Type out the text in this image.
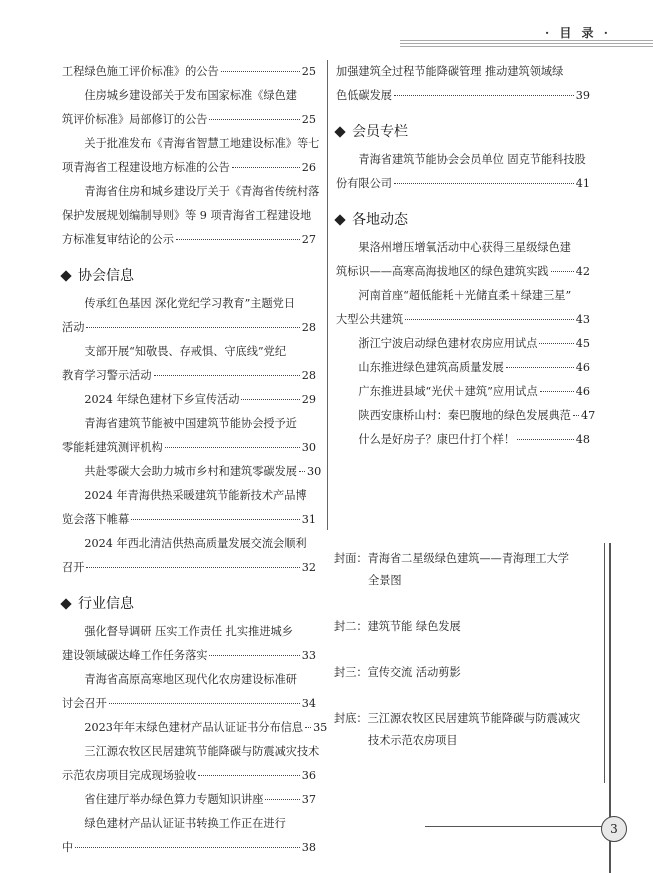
· 目 录 ·
工程绿色施工评价标准》的公告	25
住房城乡建设部关于发布国家标准《绿色建
筑评价标准》局部修订的公告	25
关于批准发布《青海省智慧工地建设标准》等七
项青海省工程建设地方标准的公告	26
青海省住房和城乡建设厅关于《青海省传统村落
保护发展规划编制导则》等 9 项青海省工程建设地
方标准复审结论的公示	27
协会信息
传承红色基因 深化党纪学习教育”主题党日
活动	28
支部开展“知敬畏、存戒惧、守底线”党纪
教育学习警示活动	28
2024 年绿色建材下乡宣传活动	29
青海省建筑节能被中国建筑节能协会授予近
零能耗建筑测评机构	30
共赴零碳大会助力城市乡村和建筑零碳发展 30
2024 年青海供热采暖建筑节能新技术产品博
览会落下帷幕	31
2024 年西北清洁供热高质量发展交流会顺利
召开	32
行业信息
强化督导调研 压实工作责任 扎实推进城乡
建设领域碳达峰工作任务落实	33
青海省高原高寒地区现代化农房建设标准研
讨会召开	34
2023年年末绿色建材产品认证证书分布信息 35
三江源农牧区民居建筑节能降碳与防震减灾技术
示范农房项目完成现场验收	36
省住建厅举办绿色算力专题知识讲座	37
绿色建材产品认证证书转换工作正在进行
中	38
加强建筑全过程节能降碳管理 推动建筑领域绿
色低碳发展	39
会员专栏
青海省建筑节能协会会员单位 固克节能科技股
份有限公司	41
各地动态
果洛州增压增氧活动中心获得三星级绿色建
筑标识——高寒高海拔地区的绿色建筑实践 42
河南首座“超低能耗＋光储直柔＋绿建三星”
大型公共建筑	43
浙江宁波启动绿色建材农房应用试点	45
山东推进绿色建筑高质量发展	46
广东推进县域“光伏＋建筑”应用试点	46
陕西安康桥山村：秦巴腹地的绿色发展典范 47
什么是好房子？康巴什打个样！	48
封面：青海省二星级绿色建筑——青海理工大学
全景图
封二：建筑节能 绿色发展
封三：宣传交流 活动剪影
封底：三江源农牧区民居建筑节能降碳与防震减灾
技术示范农房项目
3
